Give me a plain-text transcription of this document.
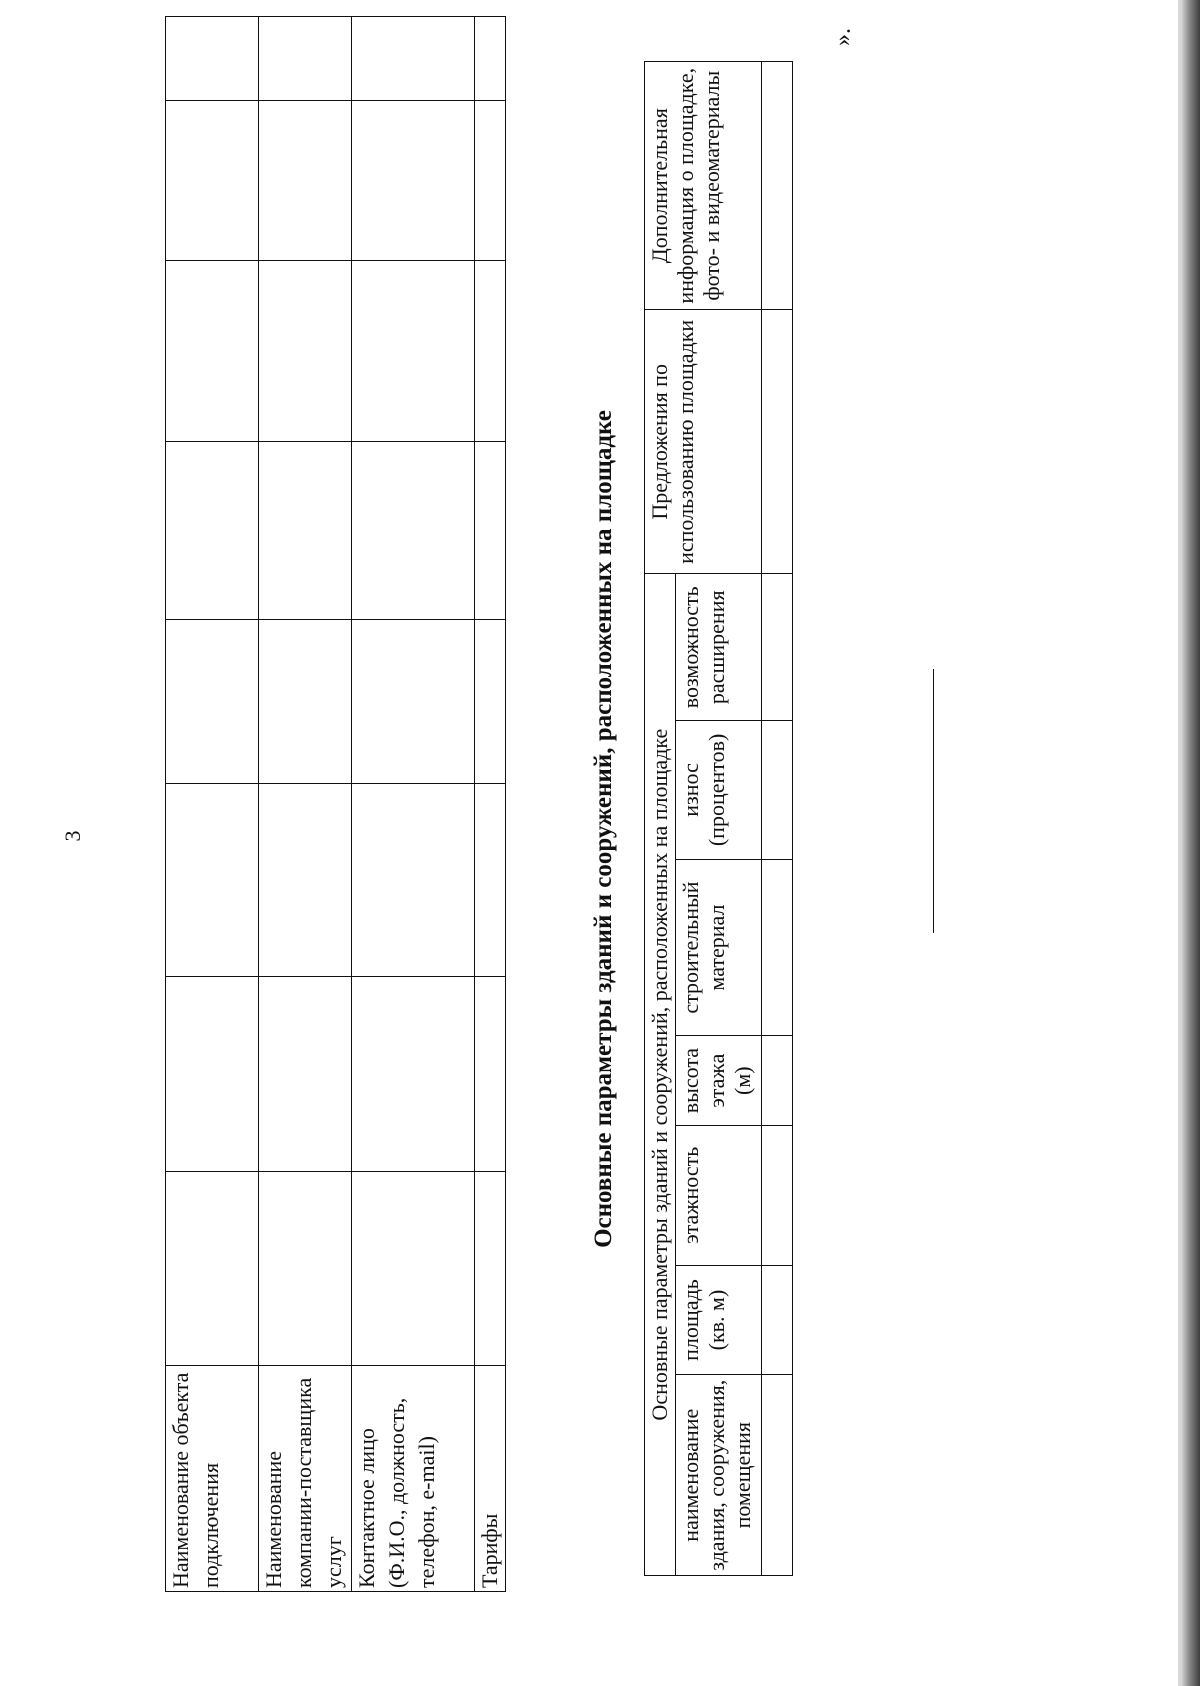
3
Наименование объекта подключения								
Наименование компании-поставщика услуг								
Контактное лицо (Ф.И.О., должность, телефон, e-mail)								
Тарифы								
Основные параметры зданий и сооружений, расположенных на площадке Основные параметры зданий и сооружений, расположенных на площадке							Предложения по использованию площадки	Дополнительная информация о площадке, фото- и видеоматериалы
наименование здания, сооружения, помещения	площадь (кв. м)	этажность	высота этажа (м)	строительный материал	износ (процентов)	возможность расширения		

».
